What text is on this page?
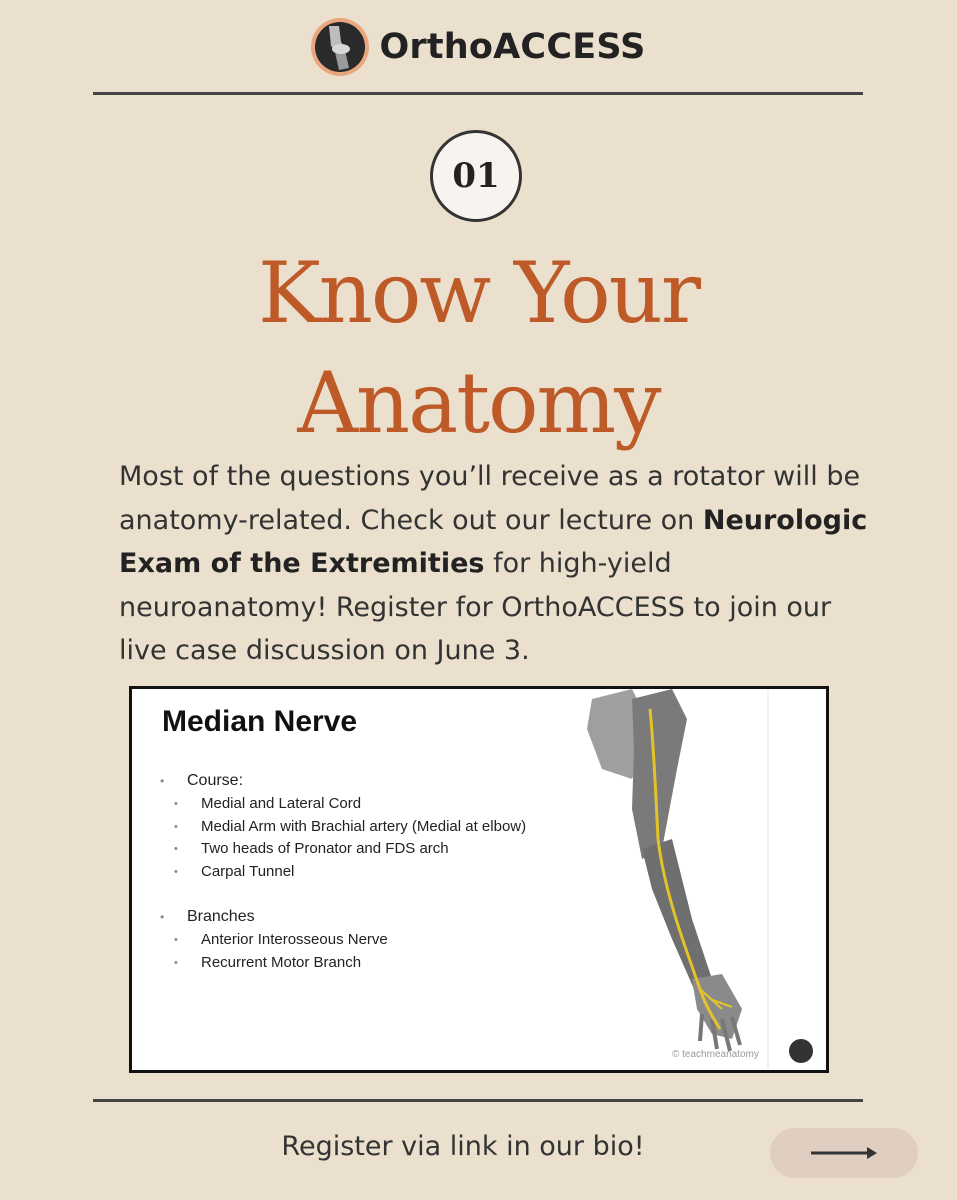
OrthoACCESS
01
Know Your
Anatomy
Most of the questions you’ll receive as a rotator will be anatomy-related. Check out our lecture on Neurologic Exam of the Extremities for high-yield neuroanatomy! Register for OrthoACCESS to join our live case discussion on June 3.
Median Nerve
• Course:
• Medial and Lateral Cord
• Medial Arm with Brachial artery (Medial at elbow)
• Two heads of Pronator and FDS arch
• Carpal Tunnel
• Branches
• Anterior Interosseous Nerve
• Recurrent Motor Branch
© teachmeanatomy
Register via link in our bio!
